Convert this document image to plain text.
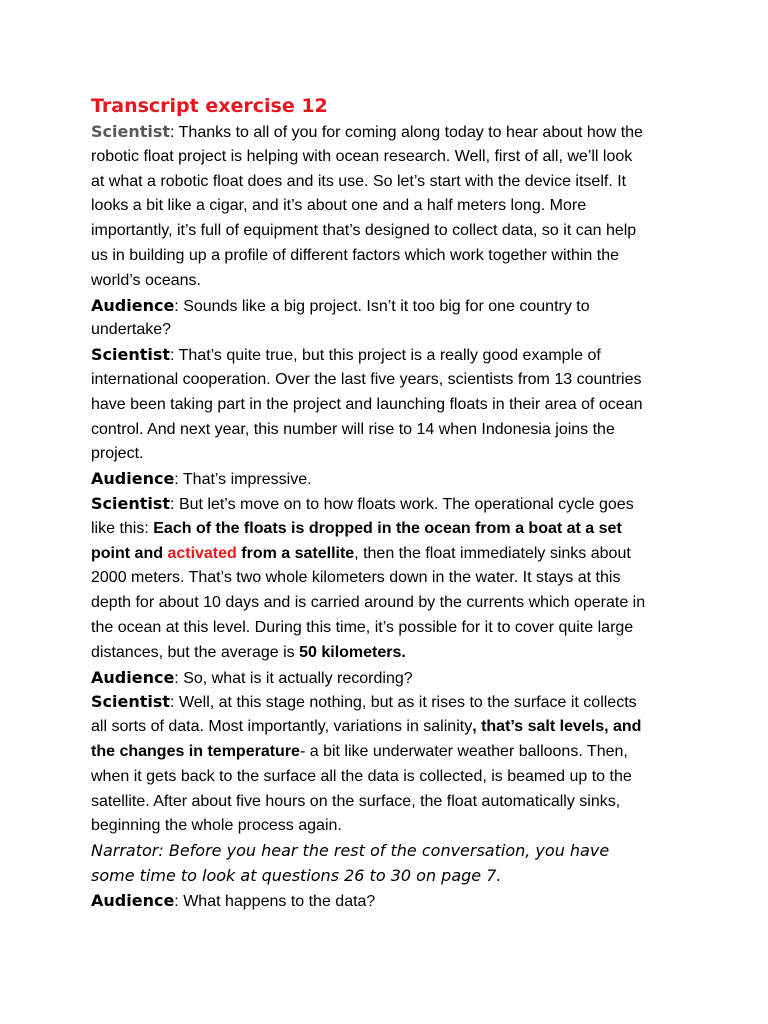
Transcript exercise 12
Scientist: Thanks to all of you for coming along today to hear about how the
robotic float project is helping with ocean research. Well, first of all, we’ll look
at what a robotic float does and its use. So let’s start with the device itself. It
looks a bit like a cigar, and it’s about one and a half meters long. More
importantly, it’s full of equipment that’s designed to collect data, so it can help
us in building up a profile of different factors which work together within the
world’s oceans.
Audience: Sounds like a big project. Isn’t it too big for one country to
undertake?
Scientist: That’s quite true, but this project is a really good example of
international cooperation. Over the last five years, scientists from 13 countries
have been taking part in the project and launching floats in their area of ocean
control. And next year, this number will rise to 14 when Indonesia joins the
project.
Audience: That’s impressive.
Scientist: But let’s move on to how floats work. The operational cycle goes
like this: Each of the floats is dropped in the ocean from a boat at a set
point and activated from a satellite, then the float immediately sinks about
2000 meters. That’s two whole kilometers down in the water. It stays at this
depth for about 10 days and is carried around by the currents which operate in
the ocean at this level. During this time, it’s possible for it to cover quite large
distances, but the average is 50 kilometers.
Audience: So, what is it actually recording?
Scientist: Well, at this stage nothing, but as it rises to the surface it collects
all sorts of data. Most importantly, variations in salinity, that’s salt levels, and
the changes in temperature- a bit like underwater weather balloons. Then,
when it gets back to the surface all the data is collected, is beamed up to the
satellite. After about five hours on the surface, the float automatically sinks,
beginning the whole process again.
Narrator: Before you hear the rest of the conversation, you have
some time to look at questions 26 to 30 on page 7.
Audience: What happens to the data?
